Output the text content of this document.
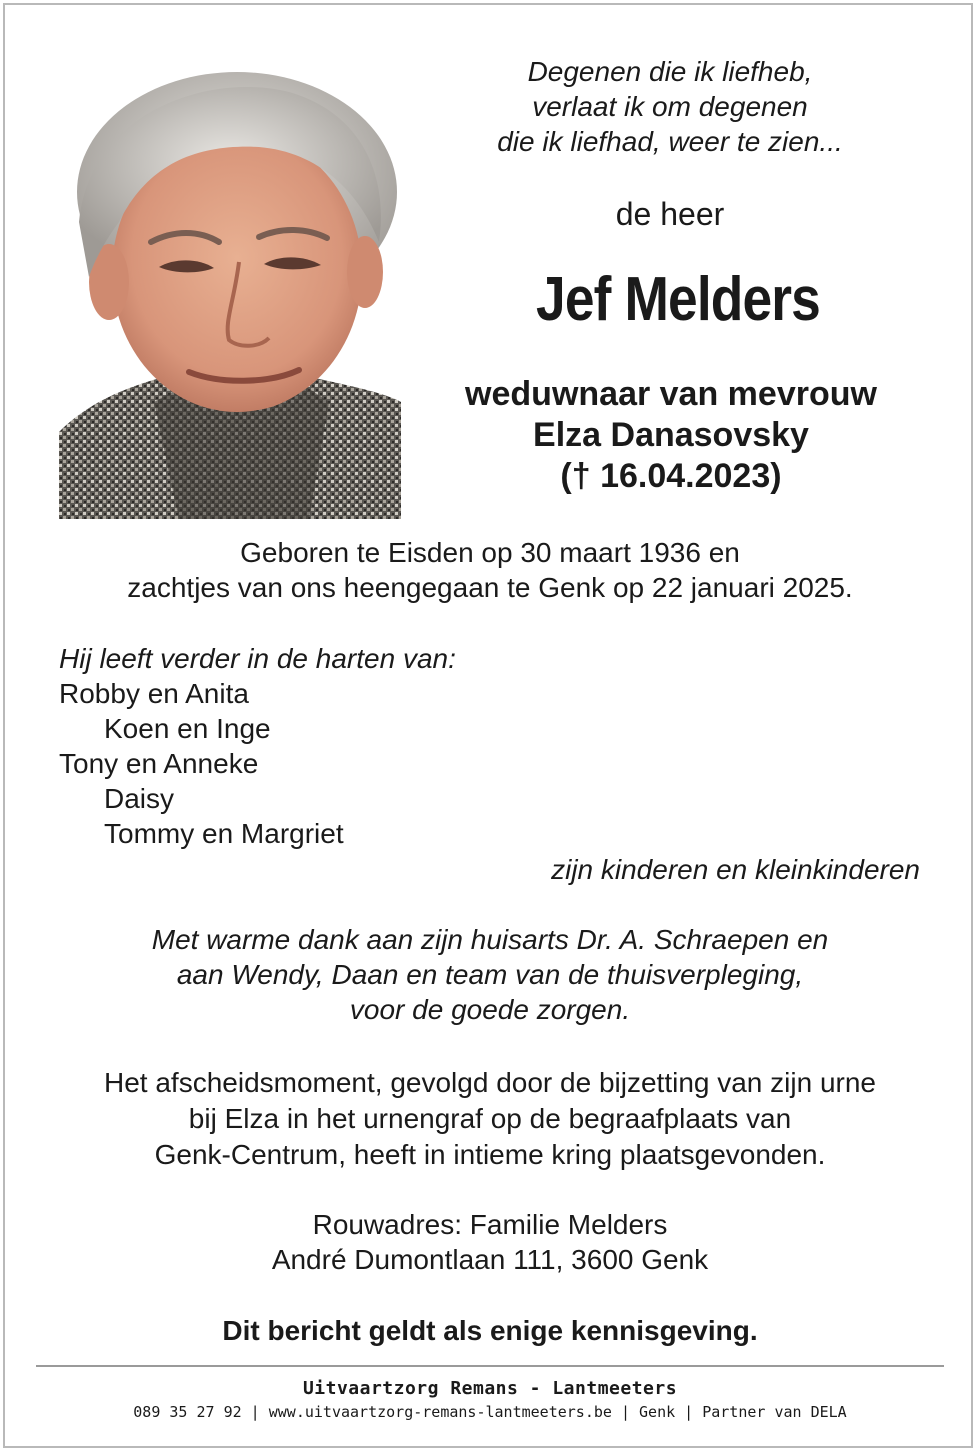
Degenen die ik liefheb,
verlaat ik om degenen
die ik liefhad, weer te zien...
de heer
Jef Melders
weduwnaar van mevrouw
Elza Danasovsky
(† 16.04.2023)
Geboren te Eisden op 30 maart 1936 en
zachtjes van ons heengegaan te Genk op 22 januari 2025.
Hij leeft verder in de harten van:
Robby en Anita
Koen en Inge
Tony en Anneke
Daisy
Tommy en Margriet
zijn kinderen en kleinkinderen
Met warme dank aan zijn huisarts Dr. A. Schraepen en
aan Wendy, Daan en team van de thuisverpleging,
voor de goede zorgen.
Het afscheidsmoment, gevolgd door de bijzetting van zijn urne
bij Elza in het urnengraf op de begraafplaats van
Genk-Centrum, heeft in intieme kring plaatsgevonden.
Rouwadres: Familie Melders
André Dumontlaan 111, 3600 Genk
Dit bericht geldt als enige kennisgeving.
Uitvaartzorg Remans - Lantmeeters
089 35 27 92 | www.uitvaartzorg-remans-lantmeeters.be | Genk | Partner van DELA
